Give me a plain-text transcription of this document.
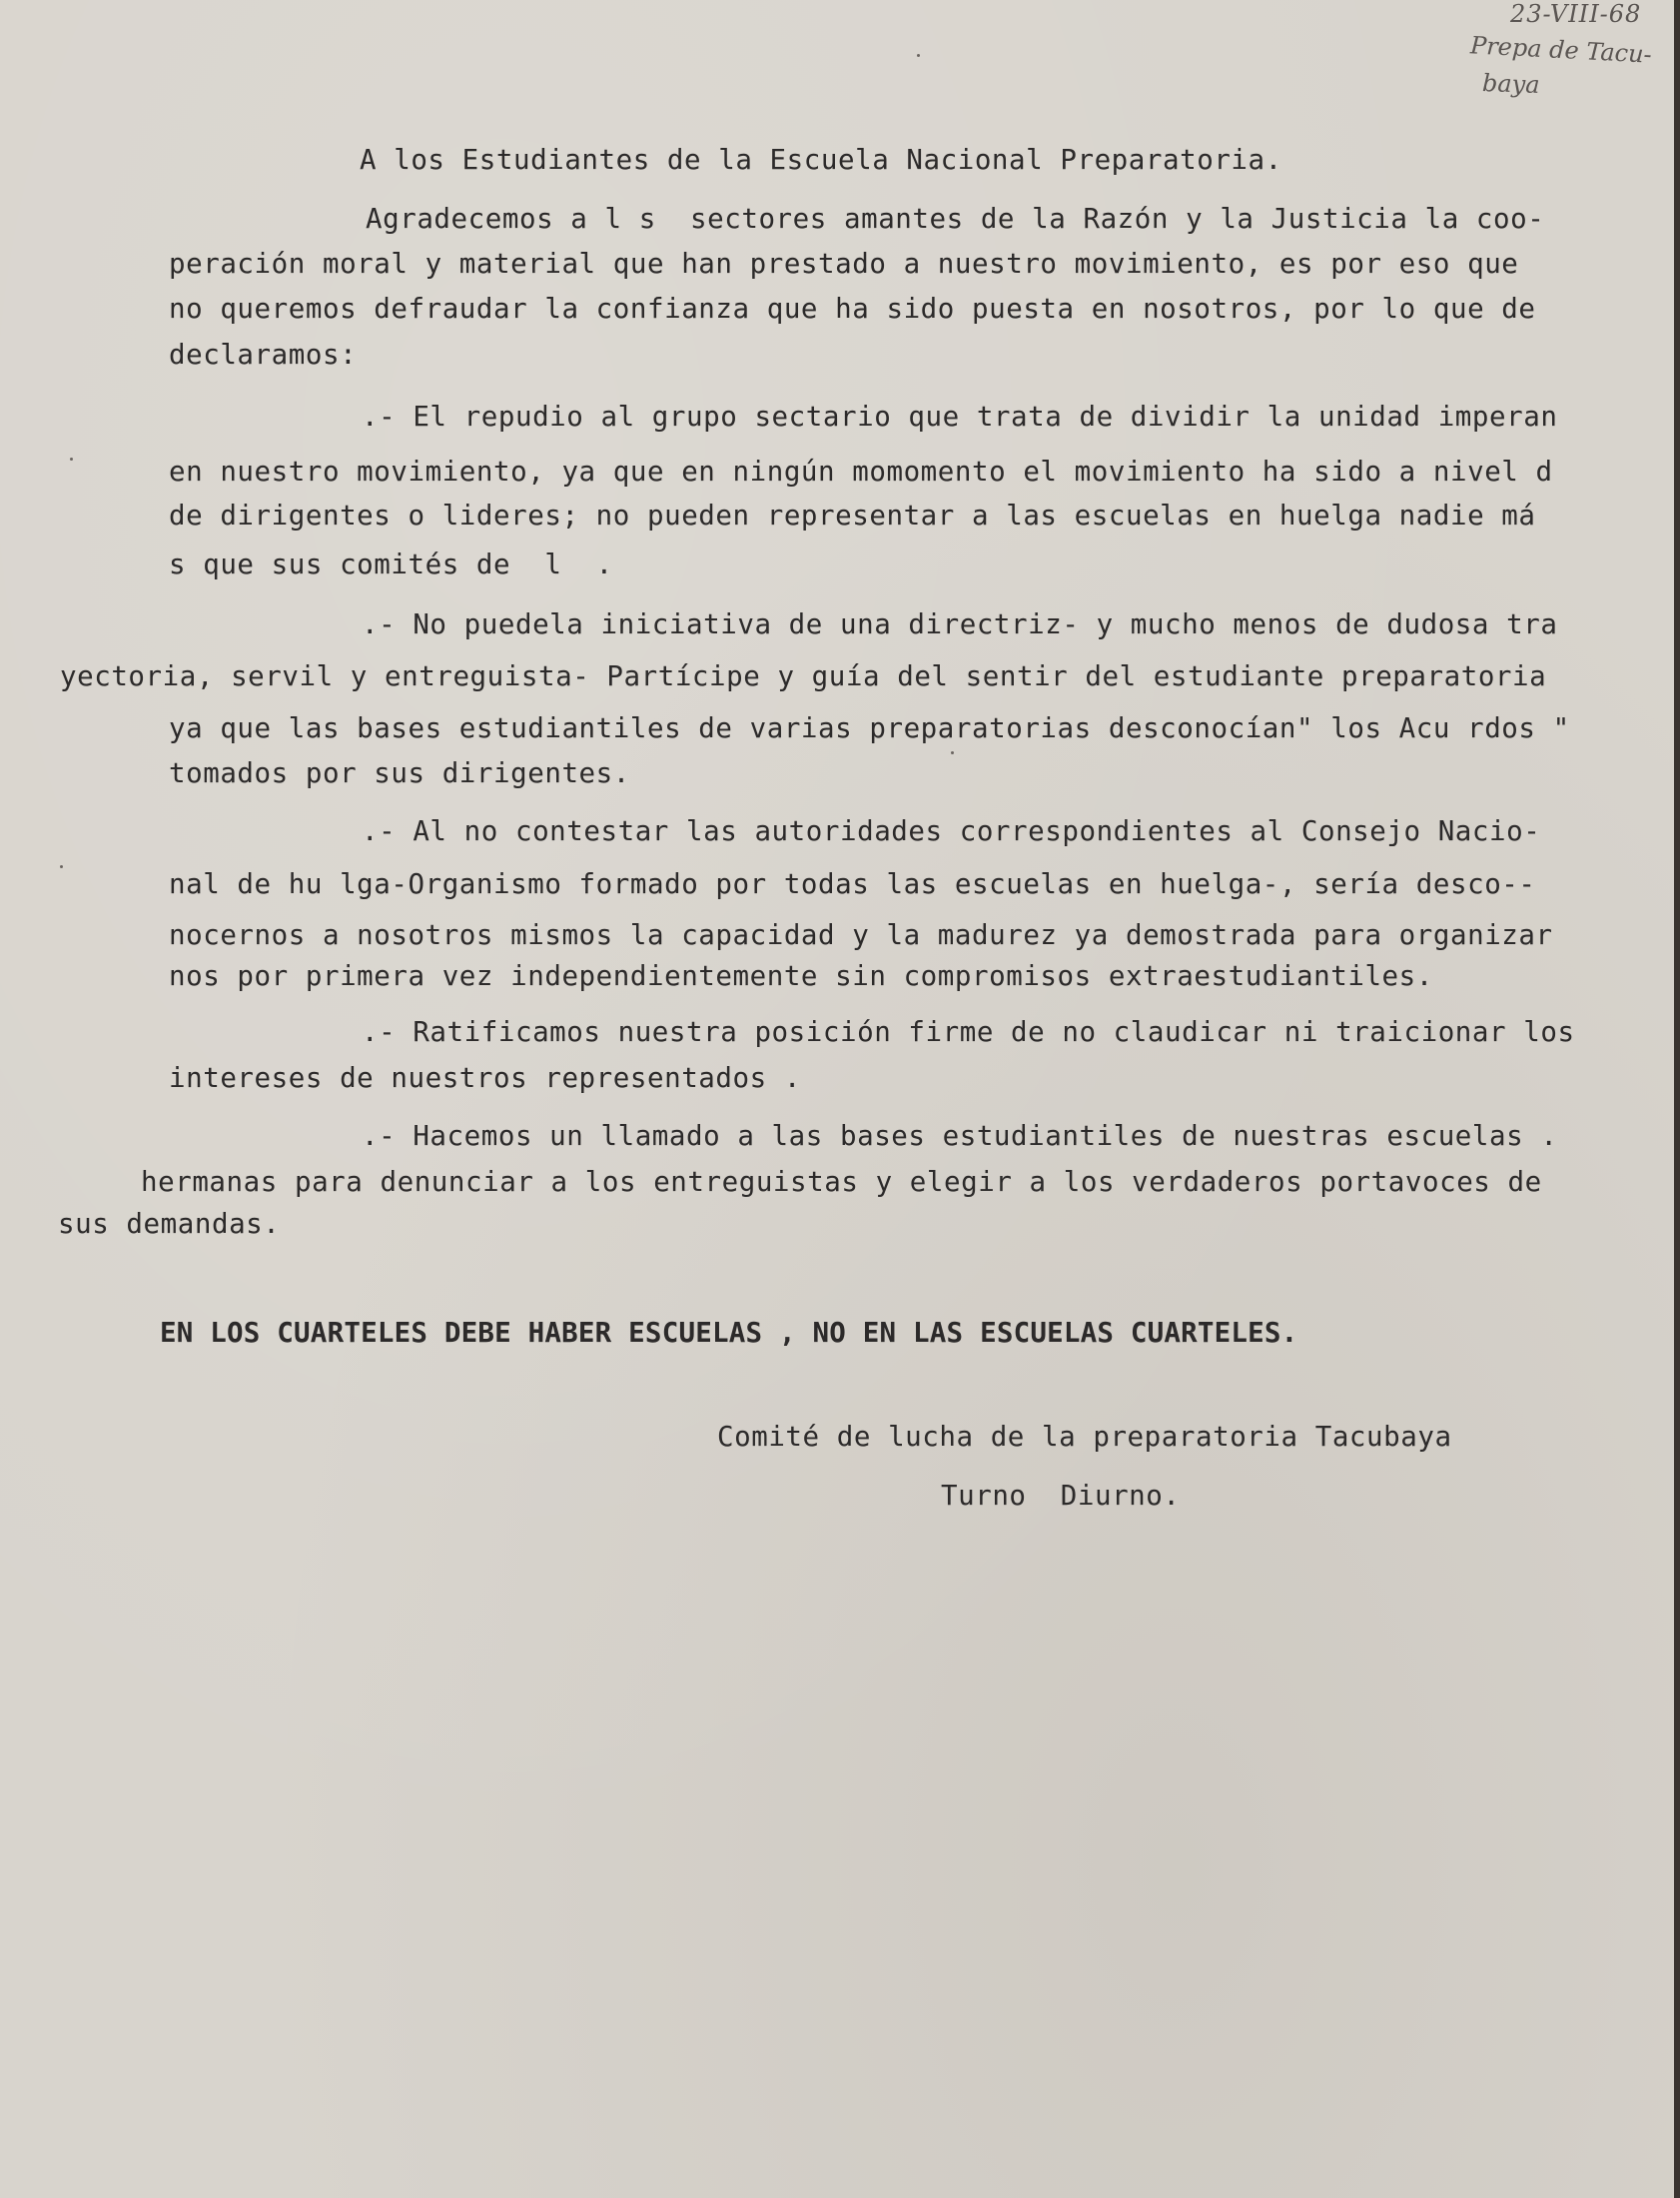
23-VIII-68
Prepa de Tacu-
baya
A los Estudiantes de la Escuela Nacional Preparatoria.
Agradecemos a l s  sectores amantes de la Razón y la Justicia la coo-
peración moral y material que han prestado a nuestro movimiento, es por eso que
no queremos defraudar la confianza que ha sido puesta en nosotros, por lo que de
declaramos:
.- El repudio al grupo sectario que trata de dividir la unidad imperan
en nuestro movimiento, ya que en ningún momomento el movimiento ha sido a nivel d
de dirigentes o lideres; no pueden representar a las escuelas en huelga nadie má
s que sus comités de  l  .
.- No puedela iniciativa de una directriz- y mucho menos de dudosa tra
yectoria, servil y entreguista- Partícipe y guía del sentir del estudiante preparatoria
ya que las bases estudiantiles de varias preparatorias desconocían" los Acu rdos "
tomados por sus dirigentes.
.- Al no contestar las autoridades correspondientes al Consejo Nacio-
nal de hu lga-Organismo formado por todas las escuelas en huelga-, sería desco--
nocernos a nosotros mismos la capacidad y la madurez ya demostrada para organizar
nos por primera vez independientemente sin compromisos extraestudiantiles.
.- Ratificamos nuestra posición firme de no claudicar ni traicionar los
intereses de nuestros representados .
.- Hacemos un llamado a las bases estudiantiles de nuestras escuelas .
hermanas para denunciar a los entreguistas y elegir a los verdaderos portavoces de
sus demandas.
EN LOS CUARTELES DEBE HABER ESCUELAS , NO EN LAS ESCUELAS CUARTELES.
Comité de lucha de la preparatoria Tacubaya
Turno  Diurno.
